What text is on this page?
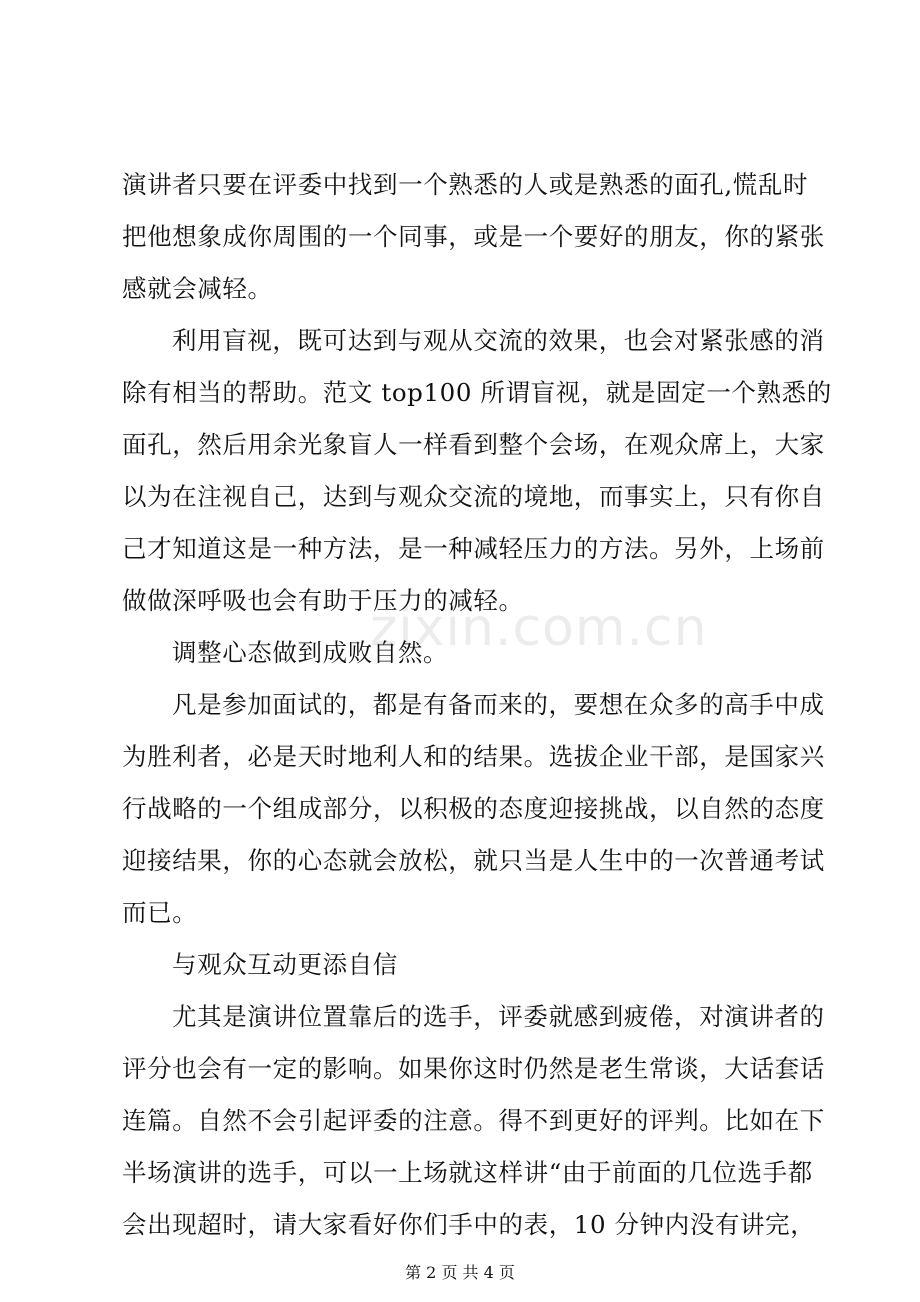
zixin.com.cn
演讲者只要在评委中找到一个熟悉的人或是熟悉的面孔,慌乱时
把他想象成你周围的一个同事，或是一个要好的朋友，你的紧张
感就会减轻。
利用盲视，既可达到与观从交流的效果，也会对紧张感的消
除有相当的帮助。范文 top100 所谓盲视，就是固定一个熟悉的
面孔，然后用余光象盲人一样看到整个会场，在观众席上，大家
以为在注视自己，达到与观众交流的境地，而事实上，只有你自
己才知道这是一种方法，是一种减轻压力的方法。另外，上场前
做做深呼吸也会有助于压力的减轻。
调整心态做到成败自然。
凡是参加面试的，都是有备而来的，要想在众多的高手中成
为胜利者，必是天时地利人和的结果。选拔企业干部，是国家兴
行战略的一个组成部分，以积极的态度迎接挑战，以自然的态度
迎接结果，你的心态就会放松，就只当是人生中的一次普通考试
而已。
与观众互动更添自信
尤其是演讲位置靠后的选手，评委就感到疲倦，对演讲者的
评分也会有一定的影响。如果你这时仍然是老生常谈，大话套话
连篇。自然不会引起评委的注意。得不到更好的评判。比如在下
半场演讲的选手，可以一上场就这样讲“由于前面的几位选手都
会出现超时，请大家看好你们手中的表，10 分钟内没有讲完，
第 2 页 共 4 页
